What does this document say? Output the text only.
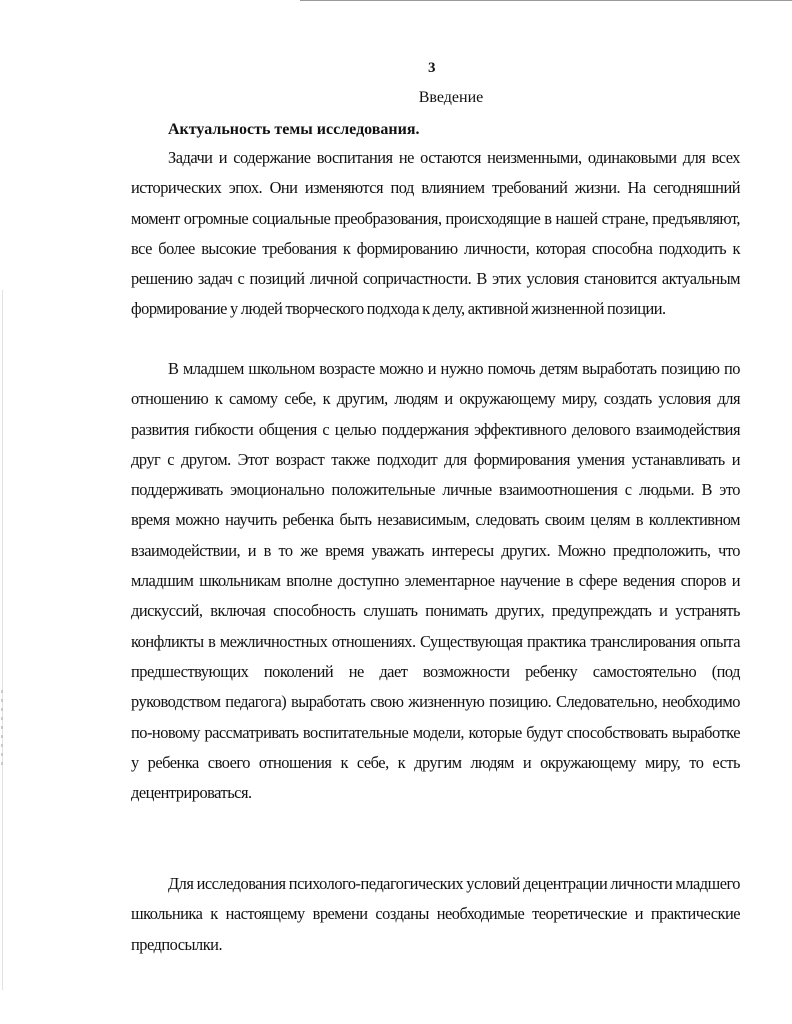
3
Введение
Актуальность темы исследования.

Задачи и содержание воспитания не остаются неизменными, одинаковыми для всех исторических эпох. Они изменяются под влиянием требований жизни. На сегодняшний момент огромные социальные преобразования, происходящие в нашей стране, предъявляют, все более высокие требования к формированию личности, которая способна подходить к решению задач с позиций личной сопричастности. В этих условия становится актуальным формирование у людей творческого подхода к делу, активной жизненной позиции.

В младшем школьном возрасте можно и нужно помочь детям выработать позицию по отношению к самому себе, к другим, людям и окружающему миру, создать условия для развития гибкости общения с целью поддержания эффективного делового взаимодействия друг с другом. Этот возраст также подходит для формирования умения устанавливать и поддерживать эмоционально положительные личные взаимоотношения с людьми. В это время можно научить ребенка быть независимым, следовать своим целям в коллективном взаимодействии, и в то же время уважать интересы других. Можно предположить, что младшим школьникам вполне доступно элементарное научение в сфере ведения споров и дискуссий, включая способность слушать понимать других, предупреждать и устранять конфликты в межличностных отношениях. Существующая практика транслирования опыта предшествующих поколений не дает возможности ребенку самостоятельно (под руководством педагога) выработать свою жизненную позицию. Следовательно, необходимо по-новому рассматривать воспитательные модели, которые будут способствовать выработке у ребенка своего отношения к себе, к другим людям и окружающему миру, то есть децентрироваться.

Для исследования психолого-педагогических условий децентрации личности младшего школьника к настоящему времени созданы необходимые теоретические и практические предпосылки.
